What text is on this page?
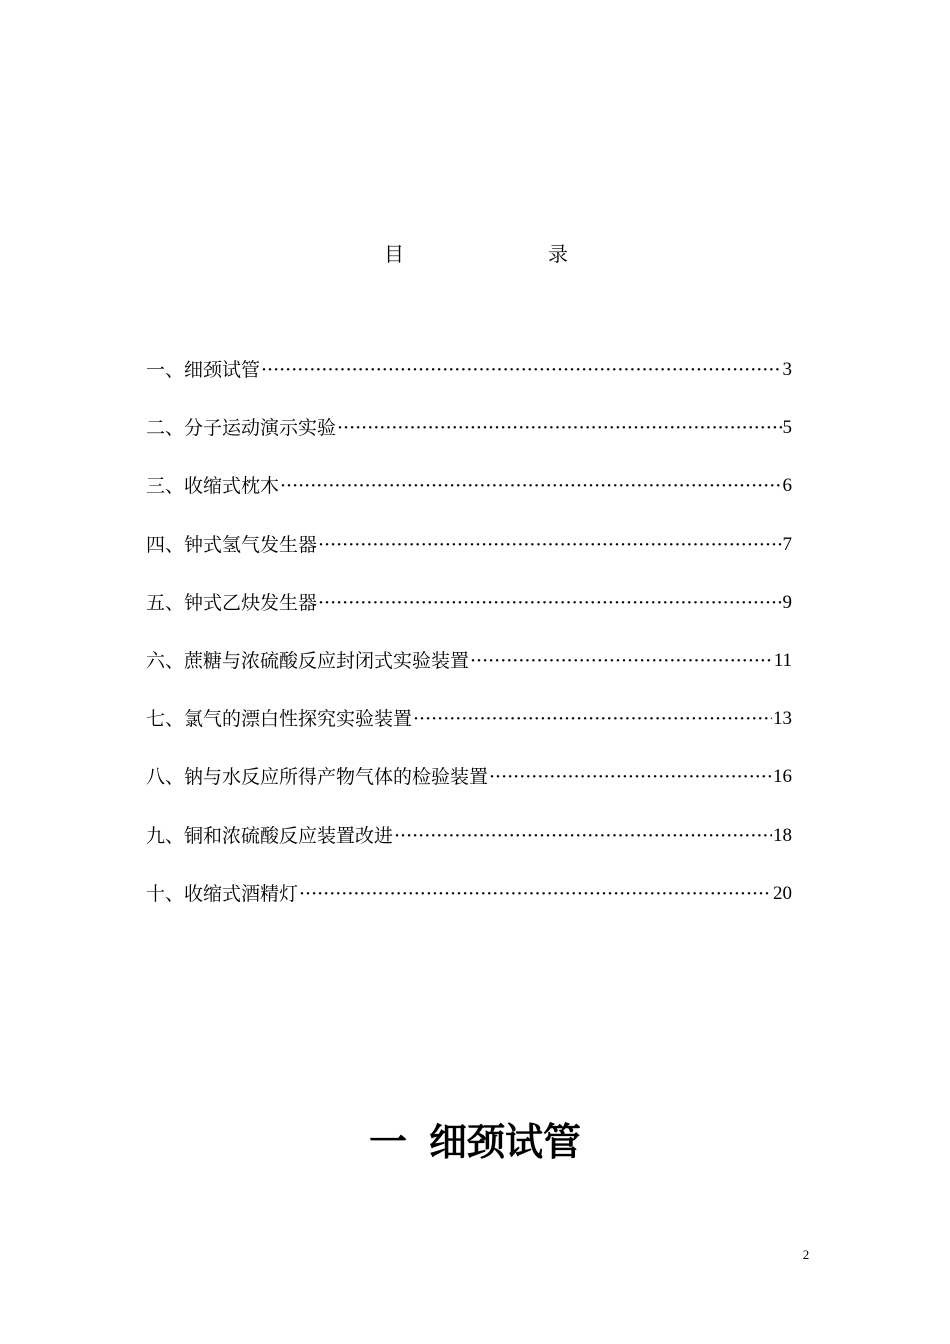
目	录
一、细颈试管 ·····	3
二、分子运动演示实验 ·····	5
三、收缩式枕木 ·····	6
四、钟式氢气发生器 ·····	7
五、钟式乙炔发生器 ·····	9
六、蔗糖与浓硫酸反应封闭式实验装置 ·····	11
七、氯气的漂白性探究实验装置 ·····	13
八、钠与水反应所得产物气体的检验装置 ·····	16
九、铜和浓硫酸反应装置改进 ·····	18
十、收缩式酒精灯 ·····	20
一 细颈试管
2
